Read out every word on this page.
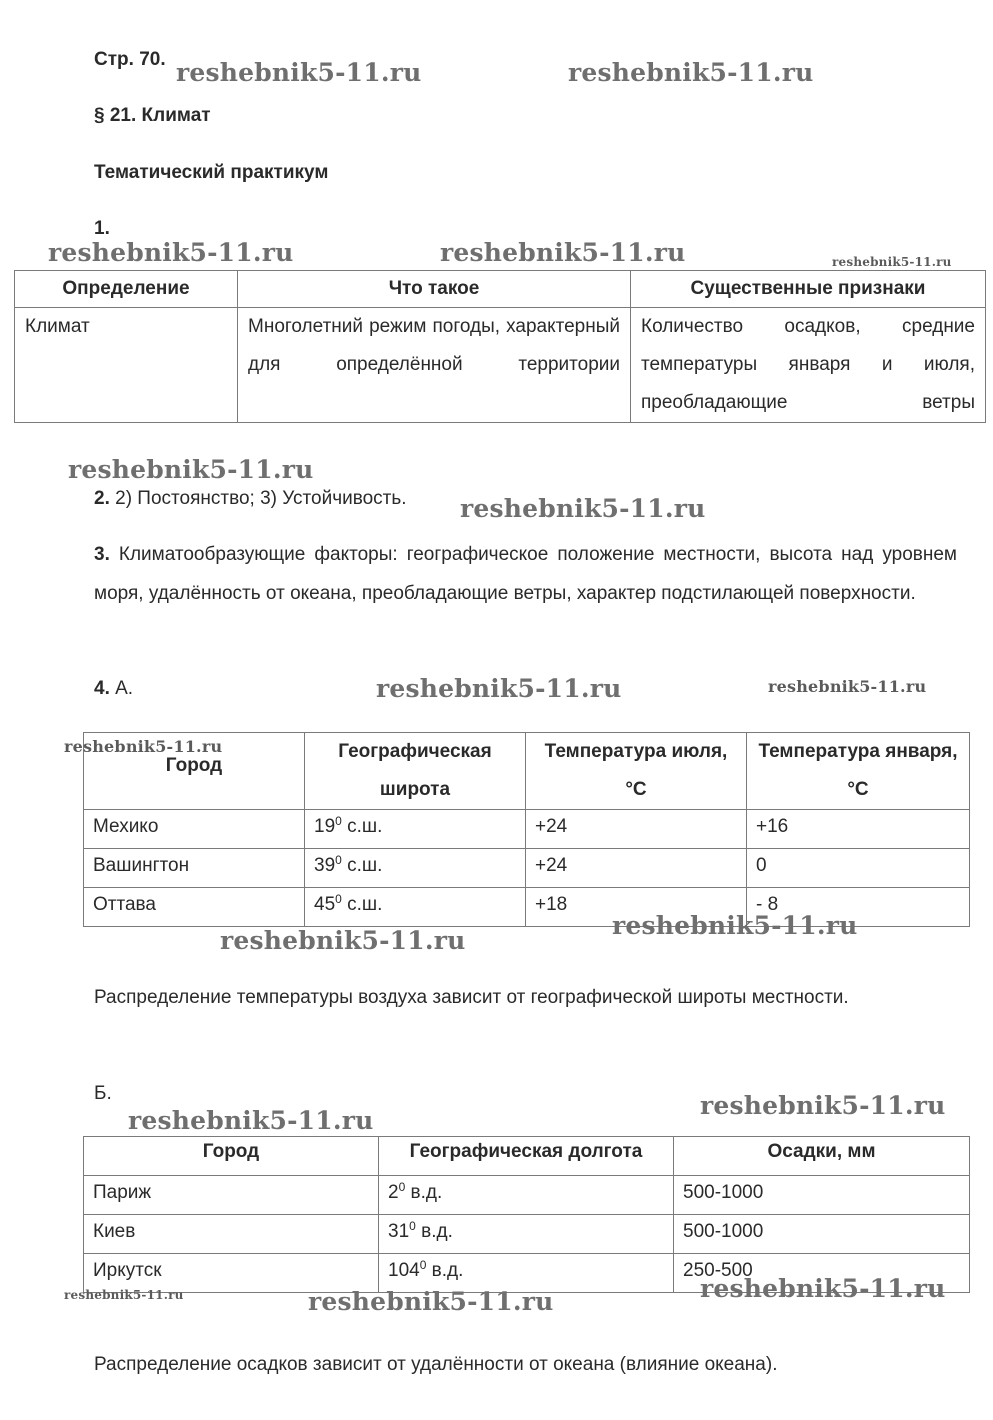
Стр. 70.
§ 21. Климат
Тематический практикум
1.
Определение	Что такое	Существенные признаки
Климат	Многолетний режим погоды, характерный для определённой территории	Количество осадков, средние температуры января и июля, преобладающие ветры
2. 2) Постоянство; 3) Устойчивость.
3. Климатообразующие факторы: географическое положение местности, высота над уровнем моря, удалённость от океана, преобладающие ветры, характер подстилающей поверхности.
4. А.
Город	Географическая широта	Температура июля, °С	Температура января, °С
Мехико	$19^0$ с.ш.	+24	+16
Вашингтон	$39^0$ с.ш.	+24	0
Оттава	$45^0$ с.ш.	+18	- 8
Распределение температуры воздуха зависит от географической широты местности.
Б.
Город	Географическая долгота	Осадки, мм
Париж	$2^0$ в.д.	500-1000
Киев	$31^0$ в.д.	500-1000
Иркутск	$104^0$ в.д.	250-500
Распределение осадков зависит от удалённости от океана (влияние океана).
reshebnik5-11.ru	reshebnik5-11.ru
reshebnik5-11.ru	reshebnik5-11.ru	reshebnik5-11.ru
reshebnik5-11.ru
reshebnik5-11.ru
reshebnik5-11.ru	reshebnik5-11.ru
reshebnik5-11.ru
reshebnik5-11.ru
reshebnik5-11.ru
reshebnik5-11.ru
reshebnik5-11.ru
reshebnik5-11.ru
reshebnik5-11.ru	reshebnik5-11.ru
